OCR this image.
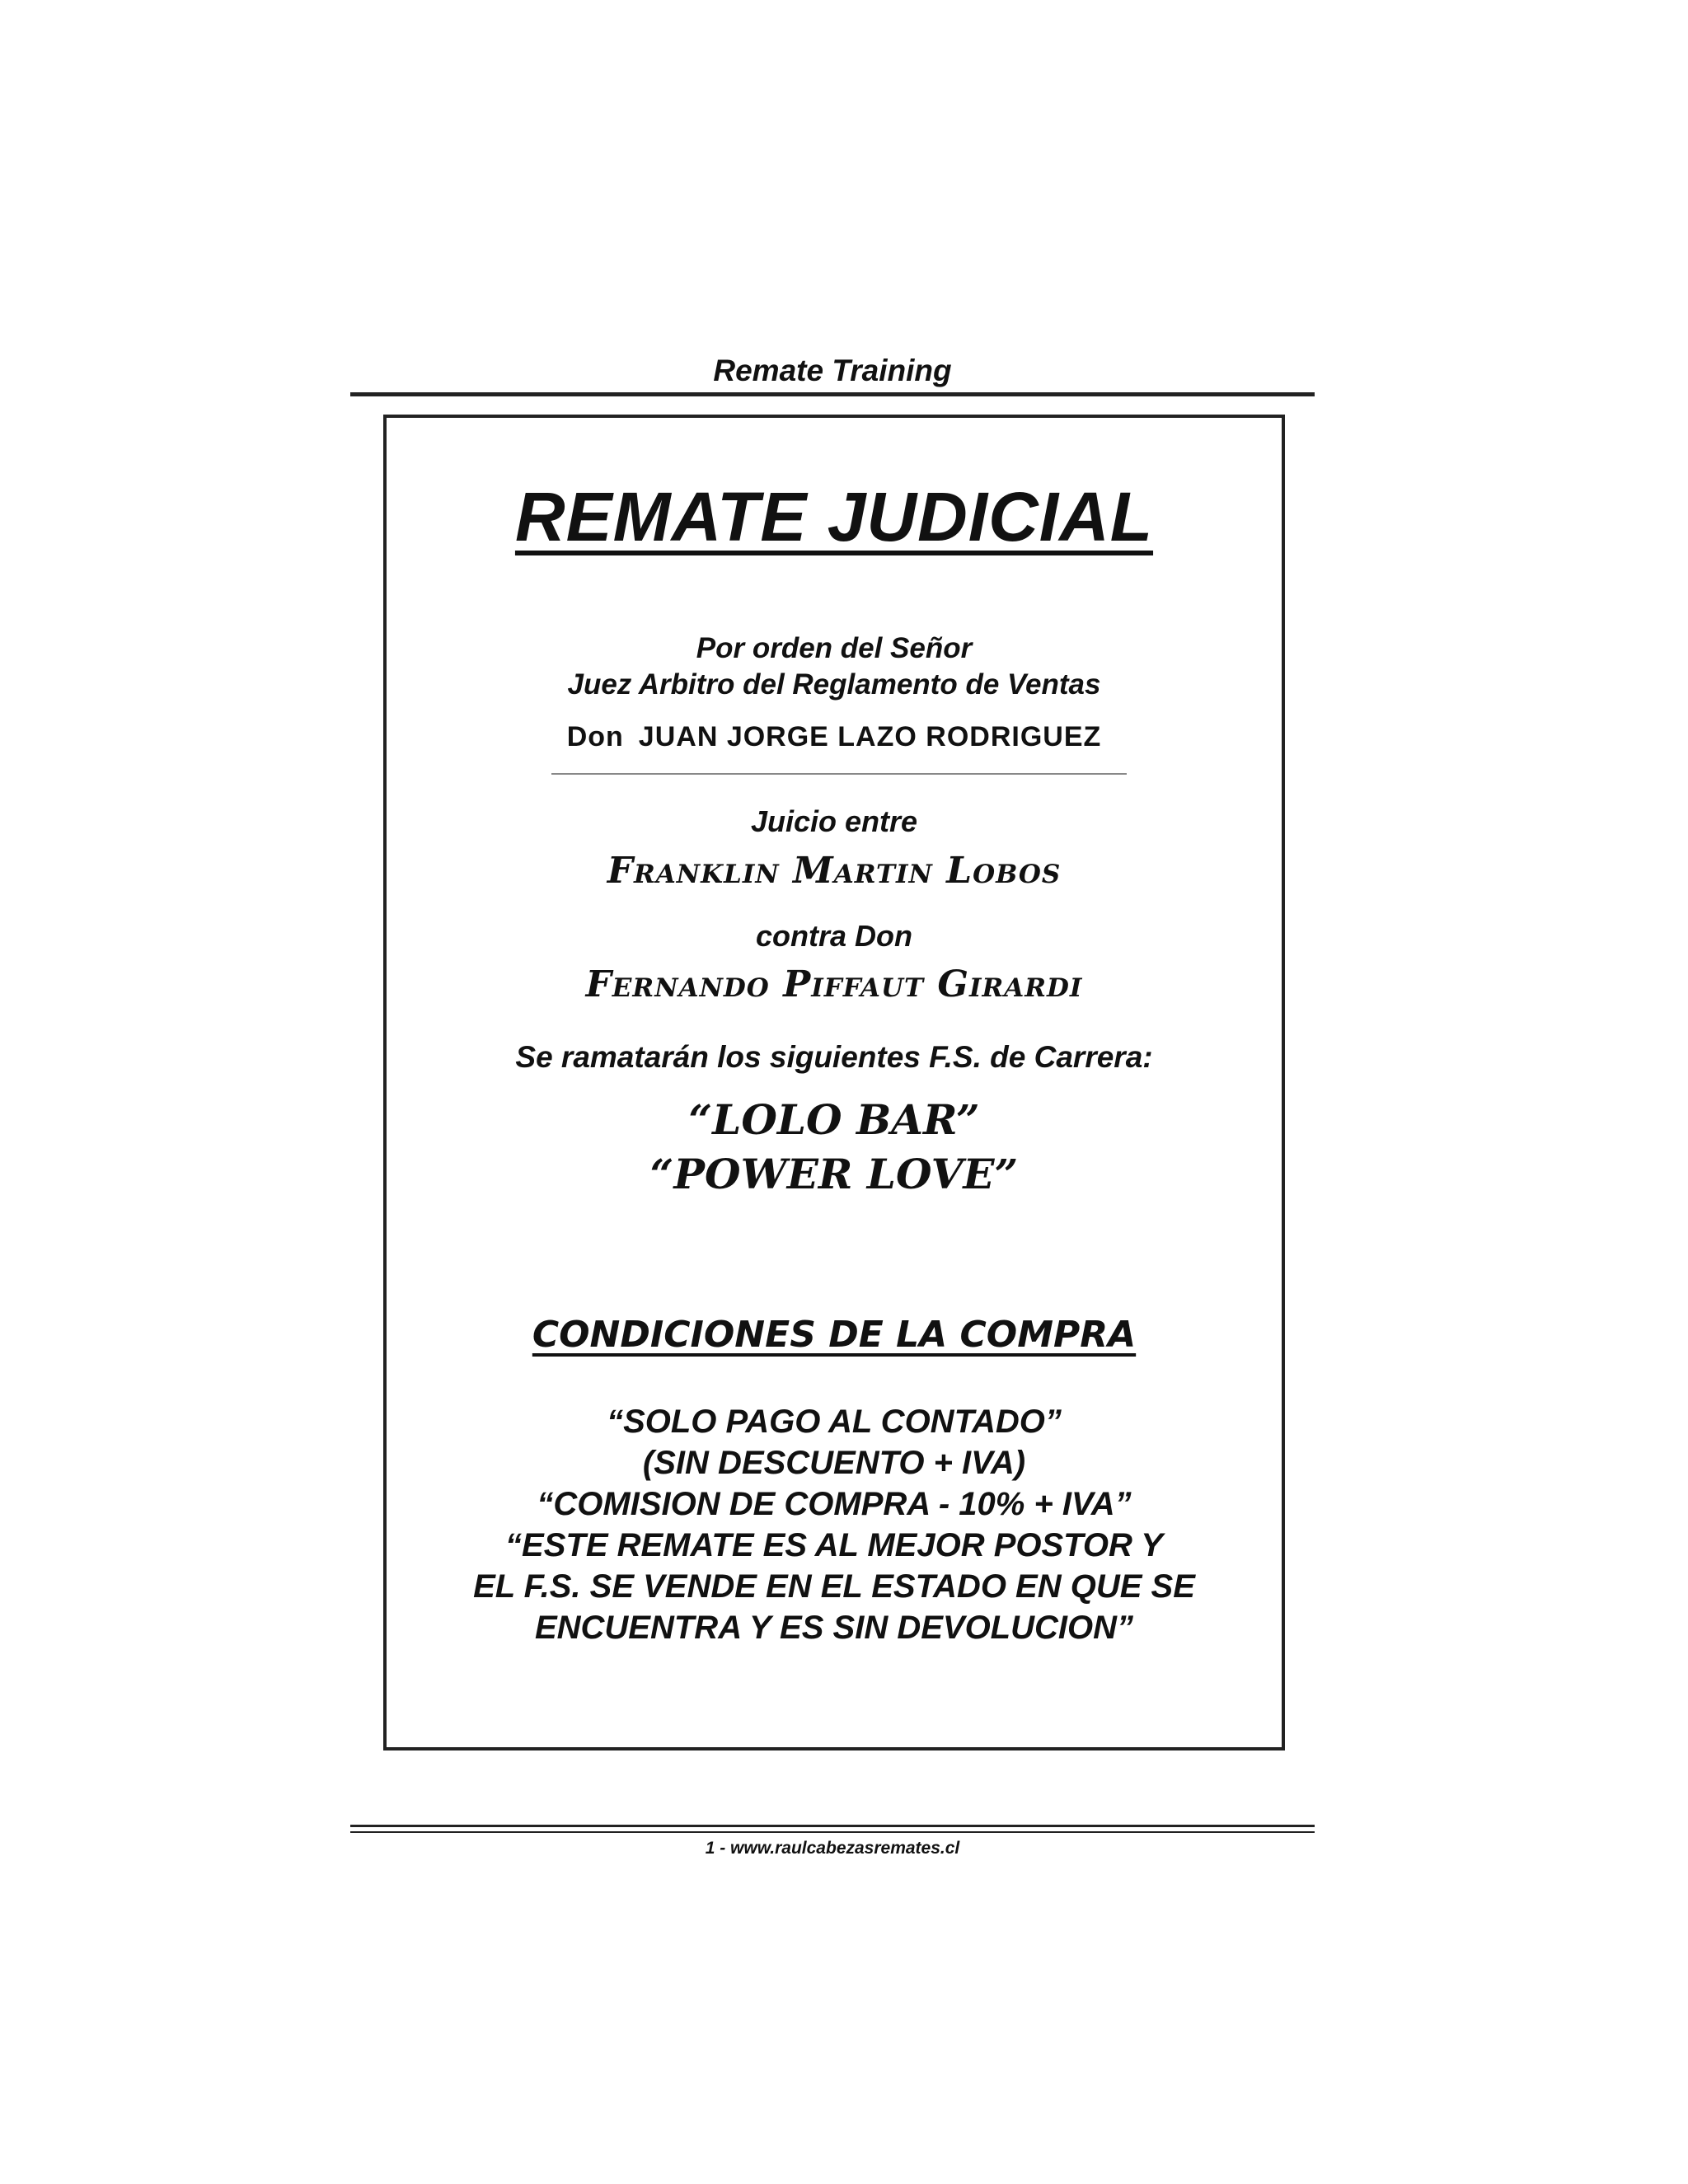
Remate Training
REMATE JUDICIAL
Por orden del Señor
Juez Arbitro del Reglamento de Ventas
Don JUAN JORGE LAZO RODRIGUEZ
Juicio entre
Franklin Martin Lobos
contra Don
Fernando Piffaut Girardi
Se ramatarán los siguientes F.S. de Carrera:
“LOLO BAR”
“POWER LOVE”
CONDICIONES DE LA COMPRA
“SOLO PAGO AL CONTADO”
(SIN DESCUENTO + IVA)
“COMISION DE COMPRA - 10% + IVA”
“ESTE REMATE ES AL MEJOR POSTOR Y
EL F.S. SE VENDE EN EL ESTADO EN QUE SE
ENCUENTRA Y ES SIN DEVOLUCION”
1 - www.raulcabezasremates.cl
